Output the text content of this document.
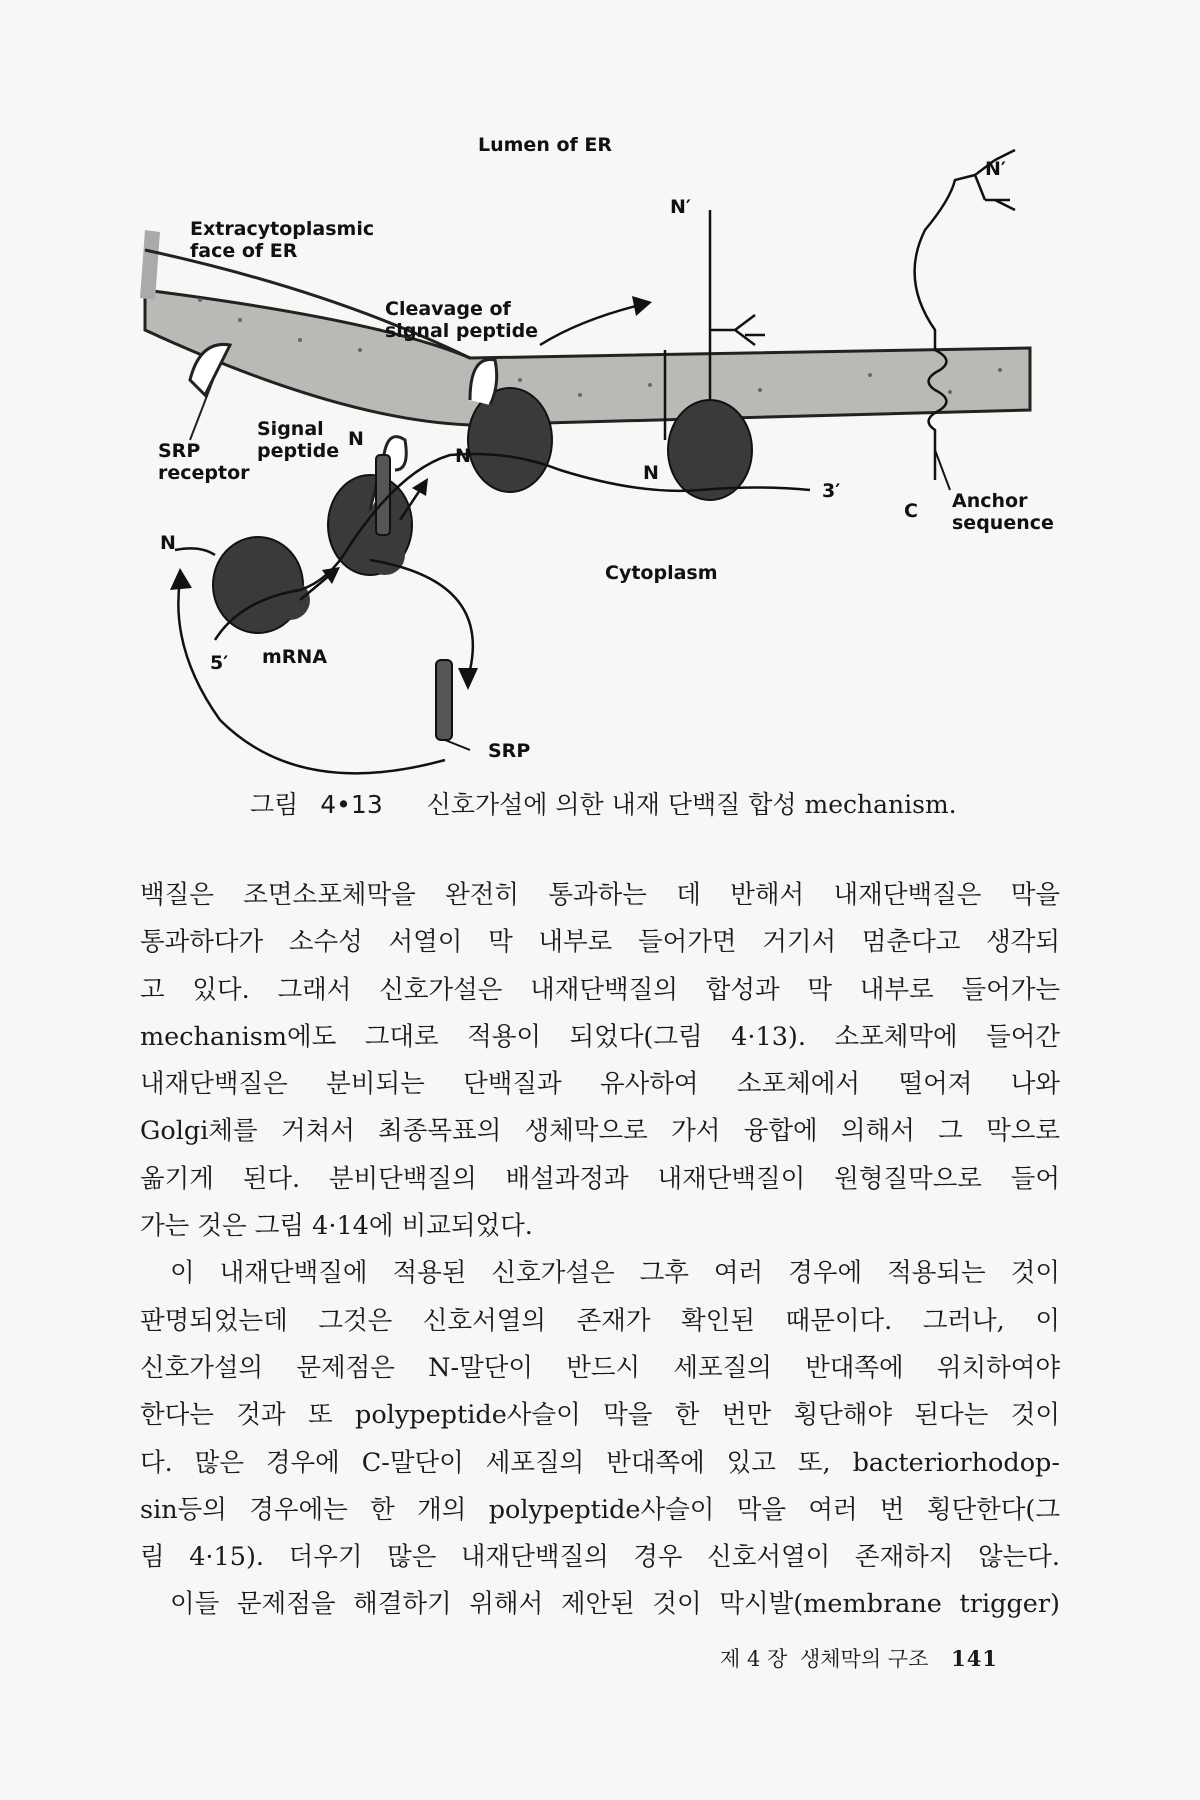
Lumen of ER
Extracytoplasmic
face of ER
Cleavage of
signal peptide
SRP
receptor
Signal
peptide
N
N
N
N
N′
N′
3′
C Anchor
sequence
Cytoplasm
5′ mRNA
SRP
그림 4•13 신호가설에 의한 내재 단백질 합성 mechanism.
백질은 조면소포체막을 완전히 통과하는 데 반해서 내재단백질은 막을
통과하다가 소수성 서열이 막 내부로 들어가면 거기서 멈춘다고 생각되
고 있다. 그래서 신호가설은 내재단백질의 합성과 막 내부로 들어가는
mechanism에도 그대로 적용이 되었다(그림 4·13). 소포체막에 들어간
내재단백질은 분비되는 단백질과 유사하여 소포체에서 떨어져 나와
Golgi체를 거쳐서 최종목표의 생체막으로 가서 융합에 의해서 그 막으로
옮기게 된다. 분비단백질의 배설과정과 내재단백질이 원형질막으로 들어
가는 것은 그림 4·14에 비교되었다.
이 내재단백질에 적용된 신호가설은 그후 여러 경우에 적용되는 것이
판명되었는데 그것은 신호서열의 존재가 확인된 때문이다. 그러나, 이
신호가설의 문제점은 N-말단이 반드시 세포질의 반대쪽에 위치하여야
한다는 것과 또 polypeptide사슬이 막을 한 번만 횡단해야 된다는 것이
다. 많은 경우에 C-말단이 세포질의 반대쪽에 있고 또, bacteriorhodop-
sin등의 경우에는 한 개의 polypeptide사슬이 막을 여러 번 횡단한다(그
림 4·15). 더우기 많은 내재단백질의 경우 신호서열이 존재하지 않는다.
이들 문제점을 해결하기 위해서 제안된 것이 막시발(membrane trigger)
제 4 장 생체막의 구조 141
